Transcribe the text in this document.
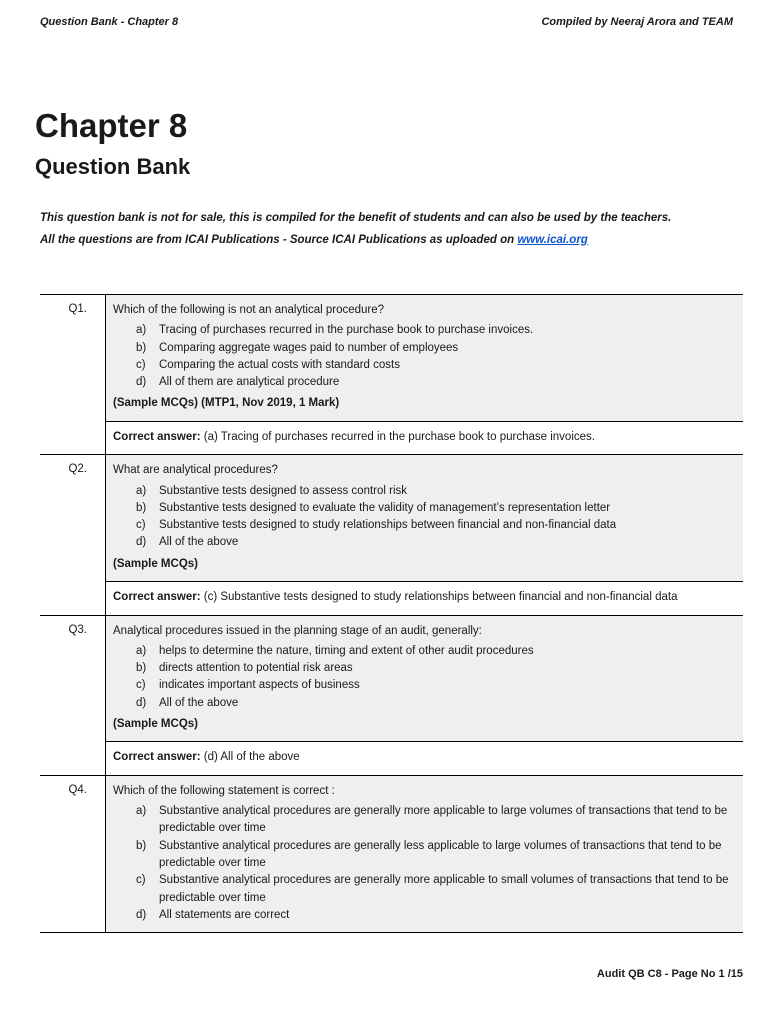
Question Bank - Chapter 8	Compiled by Neeraj Arora and TEAM
Chapter 8
Question Bank
This question bank is not for sale, this is compiled for the benefit of students and can also be used by the teachers.
All the questions are from ICAI Publications - Source ICAI Publications as uploaded on www.icai.org
Q1.	Which of the following is not an analytical procedure?
a)	Tracing of purchases recurred in the purchase book to purchase invoices.
b)	Comparing aggregate wages paid to number of employees
c)	Comparing the actual costs with standard costs
d)	All of them are analytical procedure
(Sample MCQs) (MTP1, Nov 2019, 1 Mark)
Correct answer: (a) Tracing of purchases recurred in the purchase book to purchase invoices.
Q2.	What are analytical procedures?
a)	Substantive tests designed to assess control risk
b)	Substantive tests designed to evaluate the validity of management’s representation letter
c)	Substantive tests designed to study relationships between financial and non-financial data
d)	All of the above
(Sample MCQs)
Correct answer: (c) Substantive tests designed to study relationships between financial and non-financial data
Q3.	Analytical procedures issued in the planning stage of an audit, generally:
a)	helps to determine the nature, timing and extent of other audit procedures
b)	directs attention to potential risk areas
c)	indicates important aspects of business
d)	All of the above
(Sample MCQs)
Correct answer: (d) All of the above
Q4.	Which of the following statement is correct :
a)	Substantive analytical procedures are generally more applicable to large volumes of transactions that tend to be predictable over time
b)	Substantive analytical procedures are generally less applicable to large volumes of transactions that tend to be predictable over time
c)	Substantive analytical procedures are generally more applicable to small volumes of transactions that tend to be predictable over time
d)	All statements are correct
Audit QB C8 - Page No 1 /15
